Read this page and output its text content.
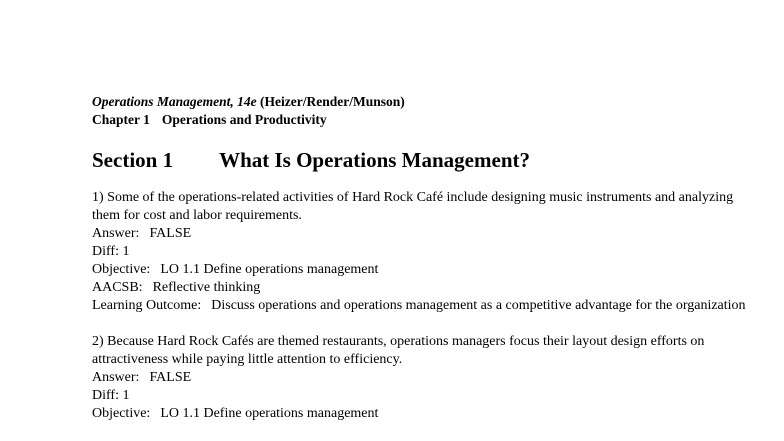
Operations Management, 14e (Heizer/Render/Munson)
Chapter 1 Operations and Productivity
Section 1 What Is Operations Management?

1) Some of the operations-related activities of Hard Rock Café include designing music instruments and analyzing them for cost and labor requirements.

Answer: FALSE

Diff: 1

Objective: LO 1.1 Define operations management

AACSB: Reflective thinking

Learning Outcome: Discuss operations and operations management as a competitive advantage for the organization

2) Because Hard Rock Cafés are themed restaurants, operations managers focus their layout design efforts on attractiveness while paying little attention to efficiency.

Answer: FALSE

Diff: 1

Objective: LO 1.1 Define operations management
